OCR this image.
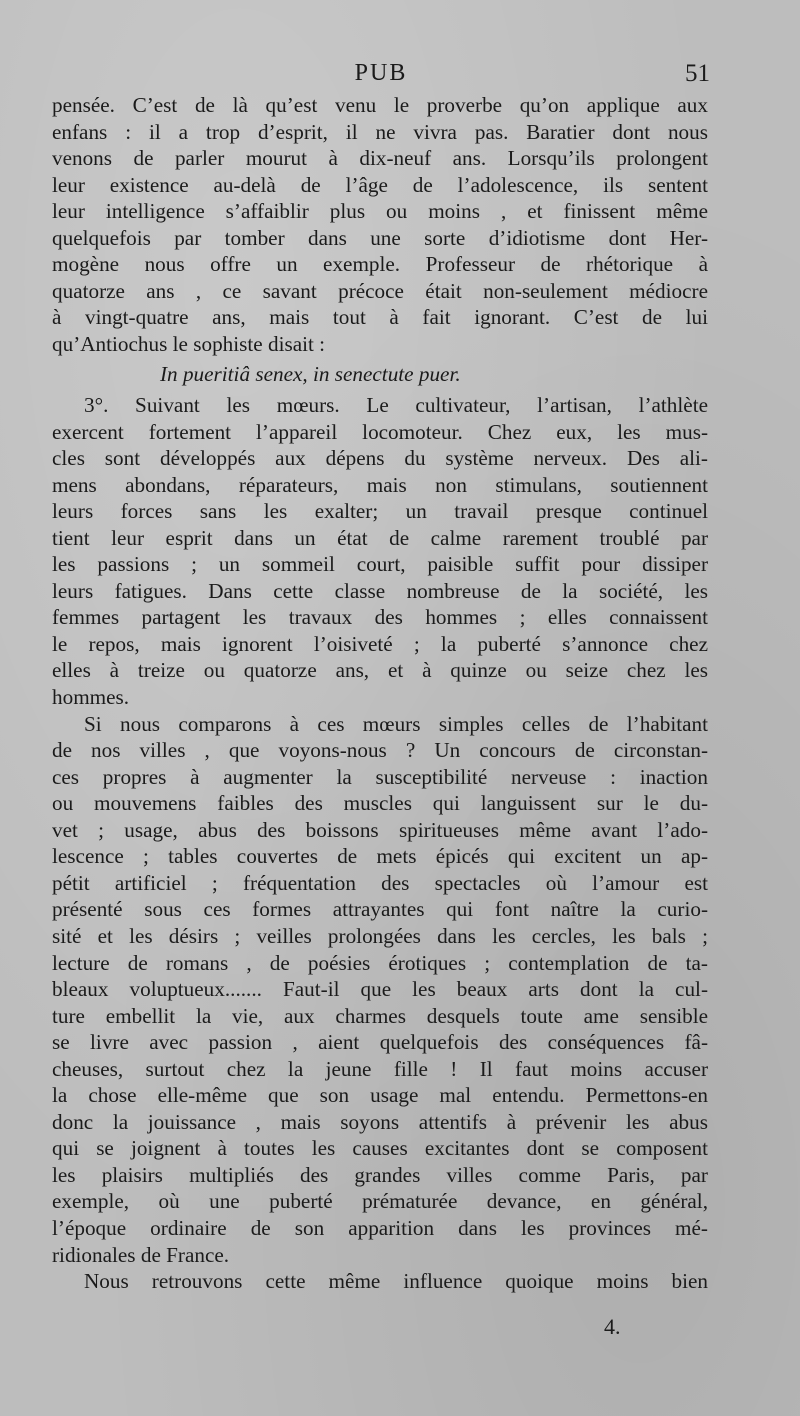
PUB	51
pensée. C’est de là qu’est venu le proverbe qu’on applique aux
enfans : il a trop d’esprit, il ne vivra pas. Baratier dont nous
venons de parler mourut à dix-neuf ans. Lorsqu’ils prolongent
leur existence au-delà de l’âge de l’adolescence, ils sentent
leur intelligence s’affaiblir plus ou moins , et finissent même
quelquefois par tomber dans une sorte d’idiotisme dont Her-
mogène nous offre un exemple. Professeur de rhétorique à
quatorze ans , ce savant précoce était non-seulement médiocre
à vingt-quatre ans, mais tout à fait ignorant. C’est de lui
qu’Antiochus le sophiste disait :
In pueritiâ senex, in senectute puer.
3°. Suivant les mœurs. Le cultivateur, l’artisan, l’athlète
exercent fortement l’appareil locomoteur. Chez eux, les mus-
cles sont développés aux dépens du système nerveux. Des ali-
mens abondans, réparateurs, mais non stimulans, soutiennent
leurs forces sans les exalter; un travail presque continuel
tient leur esprit dans un état de calme rarement troublé par
les passions ; un sommeil court, paisible suffit pour dissiper
leurs fatigues. Dans cette classe nombreuse de la société, les
femmes partagent les travaux des hommes ; elles connaissent
le repos, mais ignorent l’oisiveté ; la puberté s’annonce chez
elles à treize ou quatorze ans, et à quinze ou seize chez les
hommes.
Si nous comparons à ces mœurs simples celles de l’habitant
de nos villes , que voyons-nous ? Un concours de circonstan-
ces propres à augmenter la susceptibilité nerveuse : inaction
ou mouvemens faibles des muscles qui languissent sur le du-
vet ; usage, abus des boissons spiritueuses même avant l’ado-
lescence ; tables couvertes de mets épicés qui excitent un ap-
pétit artificiel ; fréquentation des spectacles où l’amour est
présenté sous ces formes attrayantes qui font naître la curio-
sité et les désirs ; veilles prolongées dans les cercles, les bals ;
lecture de romans , de poésies érotiques ; contemplation de ta-
bleaux voluptueux....... Faut-il que les beaux arts dont la cul-
ture embellit la vie, aux charmes desquels toute ame sensible
se livre avec passion , aient quelquefois des conséquences fâ-
cheuses, surtout chez la jeune fille ! Il faut moins accuser
la chose elle-même que son usage mal entendu. Permettons-en
donc la jouissance , mais soyons attentifs à prévenir les abus
qui se joignent à toutes les causes excitantes dont se composent
les plaisirs multipliés des grandes villes comme Paris, par
exemple, où une puberté prématurée devance, en général,
l’époque ordinaire de son apparition dans les provinces mé-
ridionales de France.
Nous retrouvons cette même influence quoique moins bien
4.
